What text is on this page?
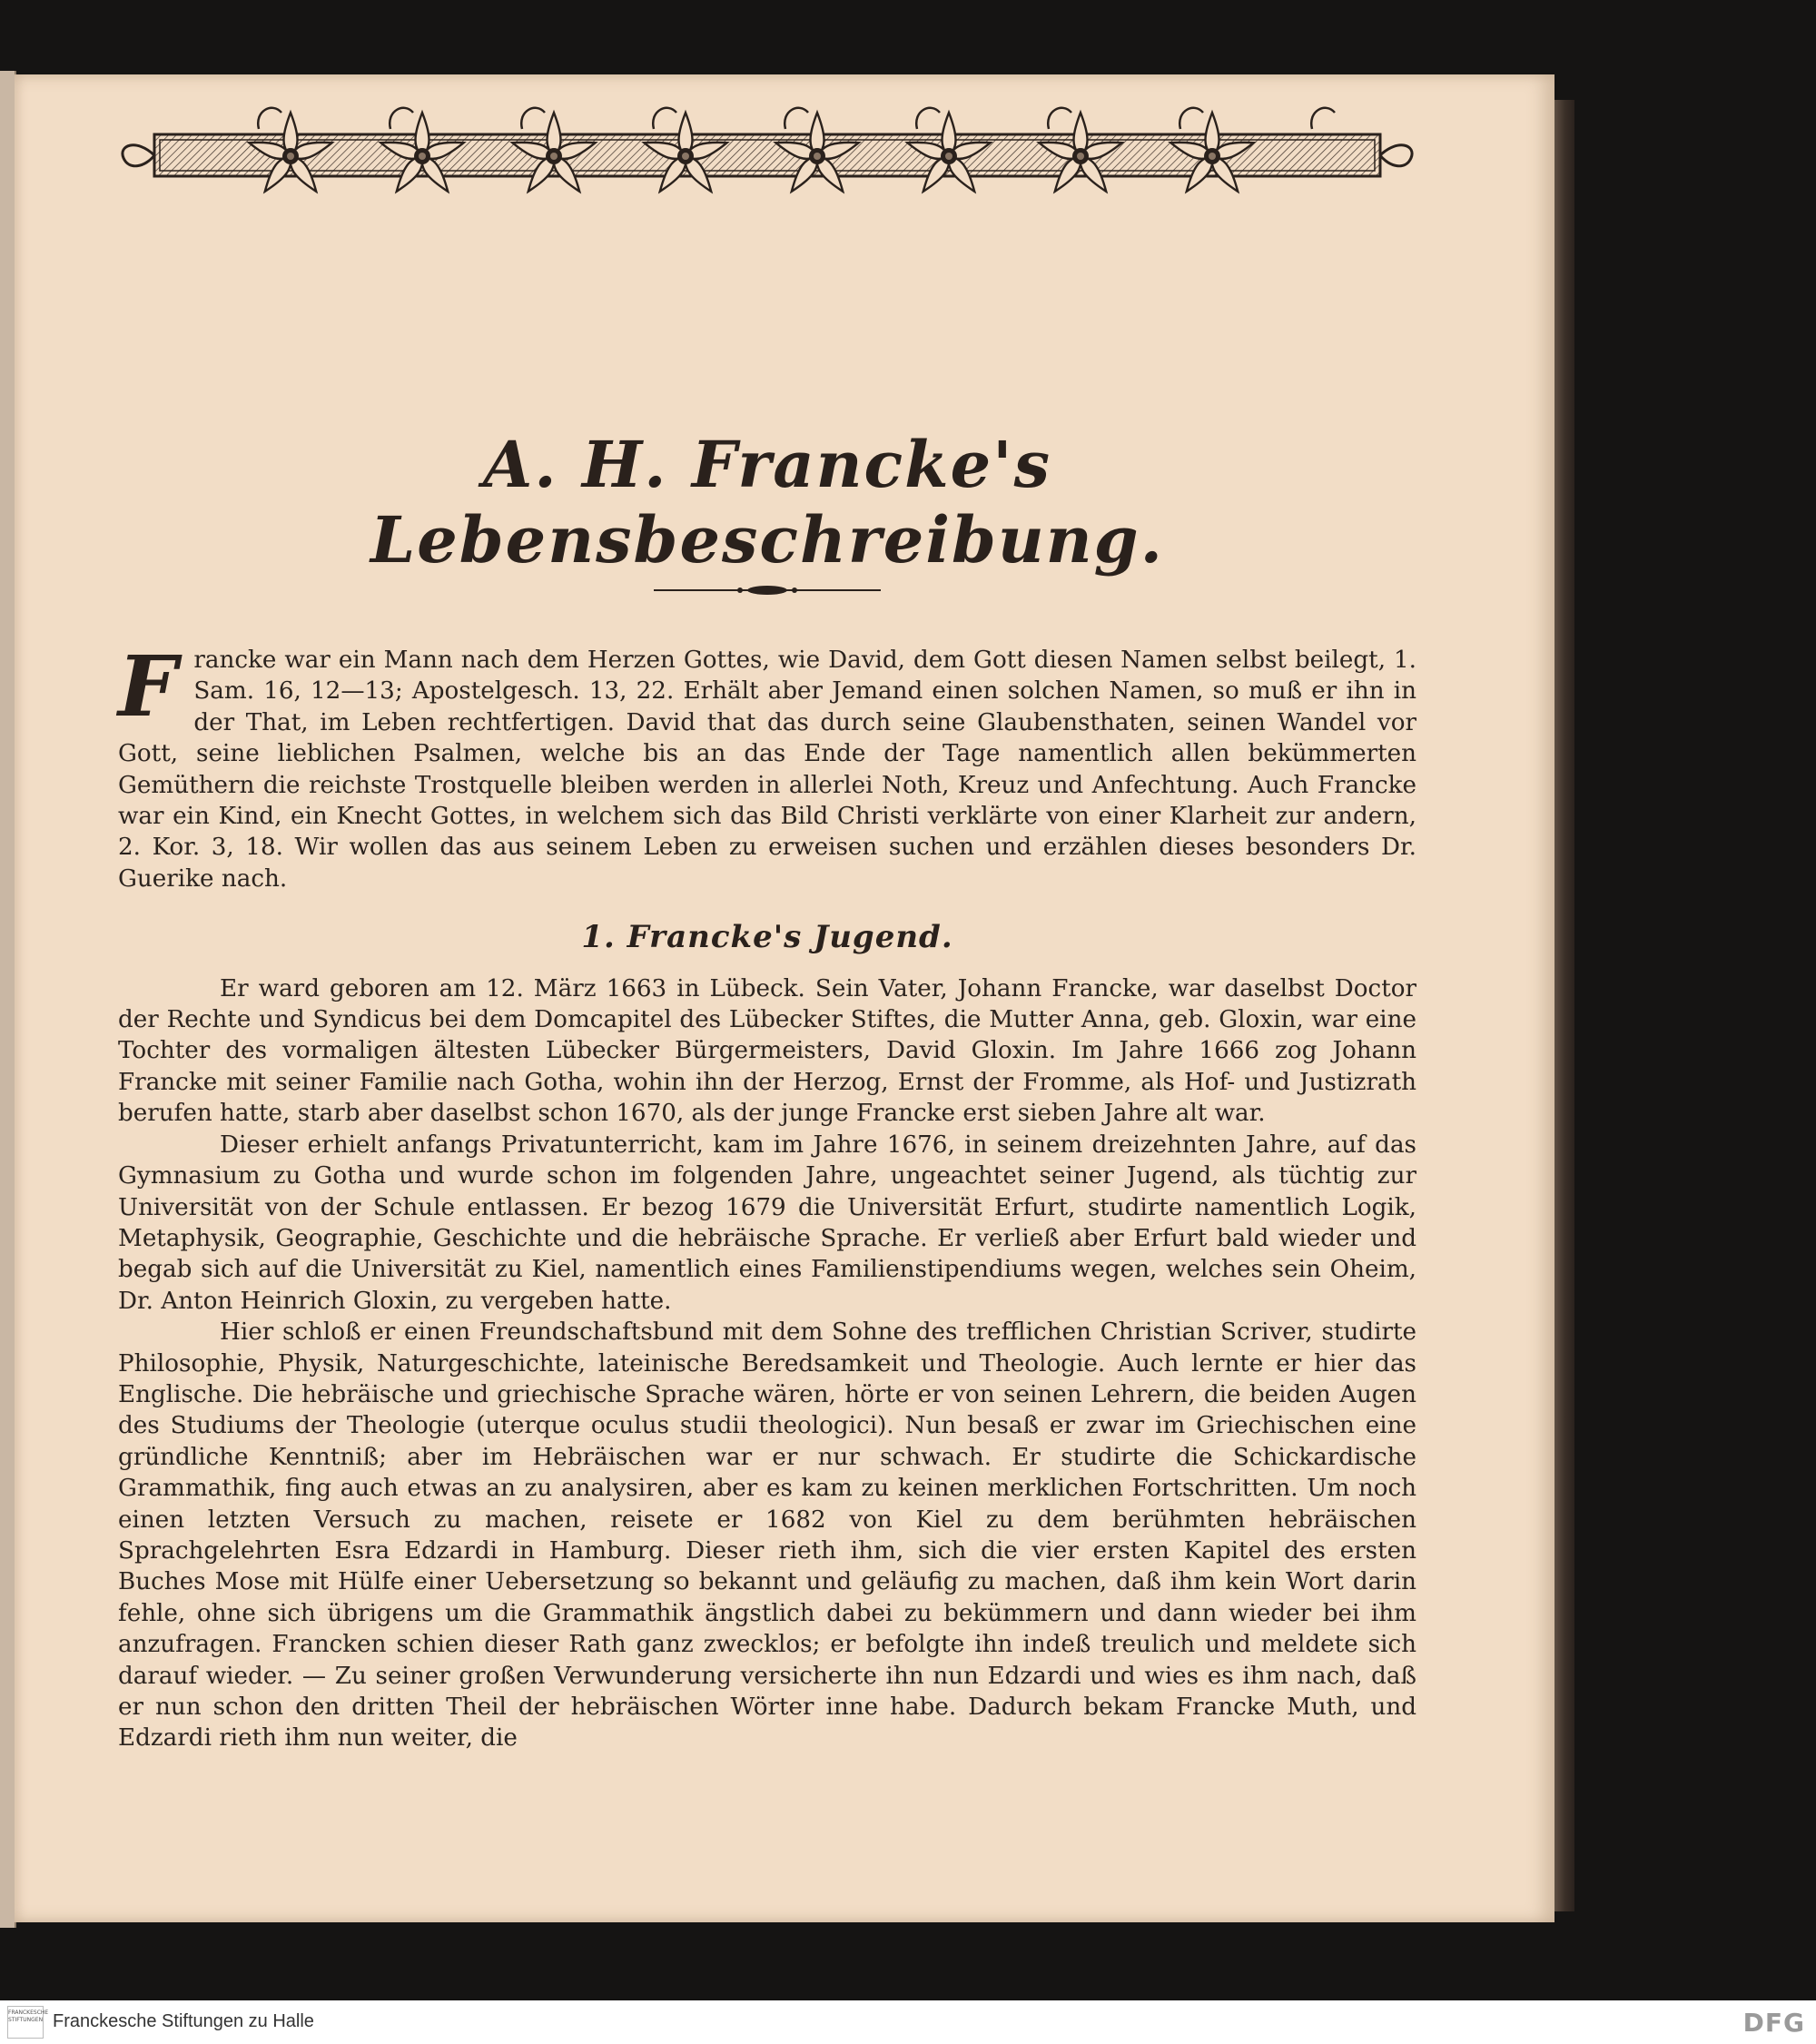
A. H. Francke's Lebensbeschreibung.

Francke war ein Mann nach dem Herzen Gottes, wie David, dem Gott diesen Namen selbst beilegt, 1. Sam. 16, 12—13; Apostelgesch. 13, 22. Erhält aber Jemand einen solchen Namen, so muß er ihn in der That, im Leben rechtfertigen. David that das durch seine Glaubensthaten, seinen Wandel vor Gott, seine lieblichen Psalmen, welche bis an das Ende der Tage namentlich allen bekümmerten Gemüthern die reichste Trostquelle bleiben werden in allerlei Noth, Kreuz und Anfechtung. Auch Francke war ein Kind, ein Knecht Gottes, in welchem sich das Bild Christi verklärte von einer Klarheit zur andern, 2. Kor. 3, 18. Wir wollen das aus seinem Leben zu erweisen suchen und erzählen dieses besonders Dr. Guerike nach.

1. Francke's Jugend.

Er ward geboren am 12. März 1663 in Lübeck. Sein Vater, Johann Francke, war daselbst Doctor der Rechte und Syndicus bei dem Domcapitel des Lübecker Stiftes, die Mutter Anna, geb. Gloxin, war eine Tochter des vormaligen ältesten Lübecker Bürgermeisters, David Gloxin. Im Jahre 1666 zog Johann Francke mit seiner Familie nach Gotha, wohin ihn der Herzog, Ernst der Fromme, als Hof- und Justizrath berufen hatte, starb aber daselbst schon 1670, als der junge Francke erst sieben Jahre alt war.

Dieser erhielt anfangs Privatunterricht, kam im Jahre 1676, in seinem dreizehnten Jahre, auf das Gymnasium zu Gotha und wurde schon im folgenden Jahre, ungeachtet seiner Jugend, als tüchtig zur Universität von der Schule entlassen. Er bezog 1679 die Universität Erfurt, studirte namentlich Logik, Metaphysik, Geographie, Geschichte und die hebräische Sprache. Er verließ aber Erfurt bald wieder und begab sich auf die Universität zu Kiel, namentlich eines Familienstipendiums wegen, welches sein Oheim, Dr. Anton Heinrich Gloxin, zu vergeben hatte.

Hier schloß er einen Freundschaftsbund mit dem Sohne des trefflichen Christian Scriver, studirte Philosophie, Physik, Naturgeschichte, lateinische Beredsamkeit und Theologie. Auch lernte er hier das Englische. Die hebräische und griechische Sprache wären, hörte er von seinen Lehrern, die beiden Augen des Studiums der Theologie (uterque oculus studii theologici). Nun besaß er zwar im Griechischen eine gründliche Kenntniß; aber im Hebräischen war er nur schwach. Er studirte die Schickardische Grammathik, fing auch etwas an zu analysiren, aber es kam zu keinen merklichen Fortschritten. Um noch einen letzten Versuch zu machen, reisete er 1682 von Kiel zu dem berühmten hebräischen Sprachgelehrten Esra Edzardi in Hamburg. Dieser rieth ihm, sich die vier ersten Kapitel des ersten Buches Mose mit Hülfe einer Uebersetzung so bekannt und geläufig zu machen, daß ihm kein Wort darin fehle, ohne sich übrigens um die Grammathik ängstlich dabei zu bekümmern und dann wieder bei ihm anzufragen. Francken schien dieser Rath ganz zwecklos; er befolgte ihn indeß treulich und meldete sich darauf wieder. — Zu seiner großen Verwunderung versicherte ihn nun Edzardi und wies es ihm nach, daß er nun schon den dritten Theil der hebräischen Wörter inne habe. Dadurch bekam Francke Muth, und Edzardi rieth ihm nun weiter, die

FRANCKESCHE STIFTUNGEN Franckesche Stiftungen zu Halle	DFG
